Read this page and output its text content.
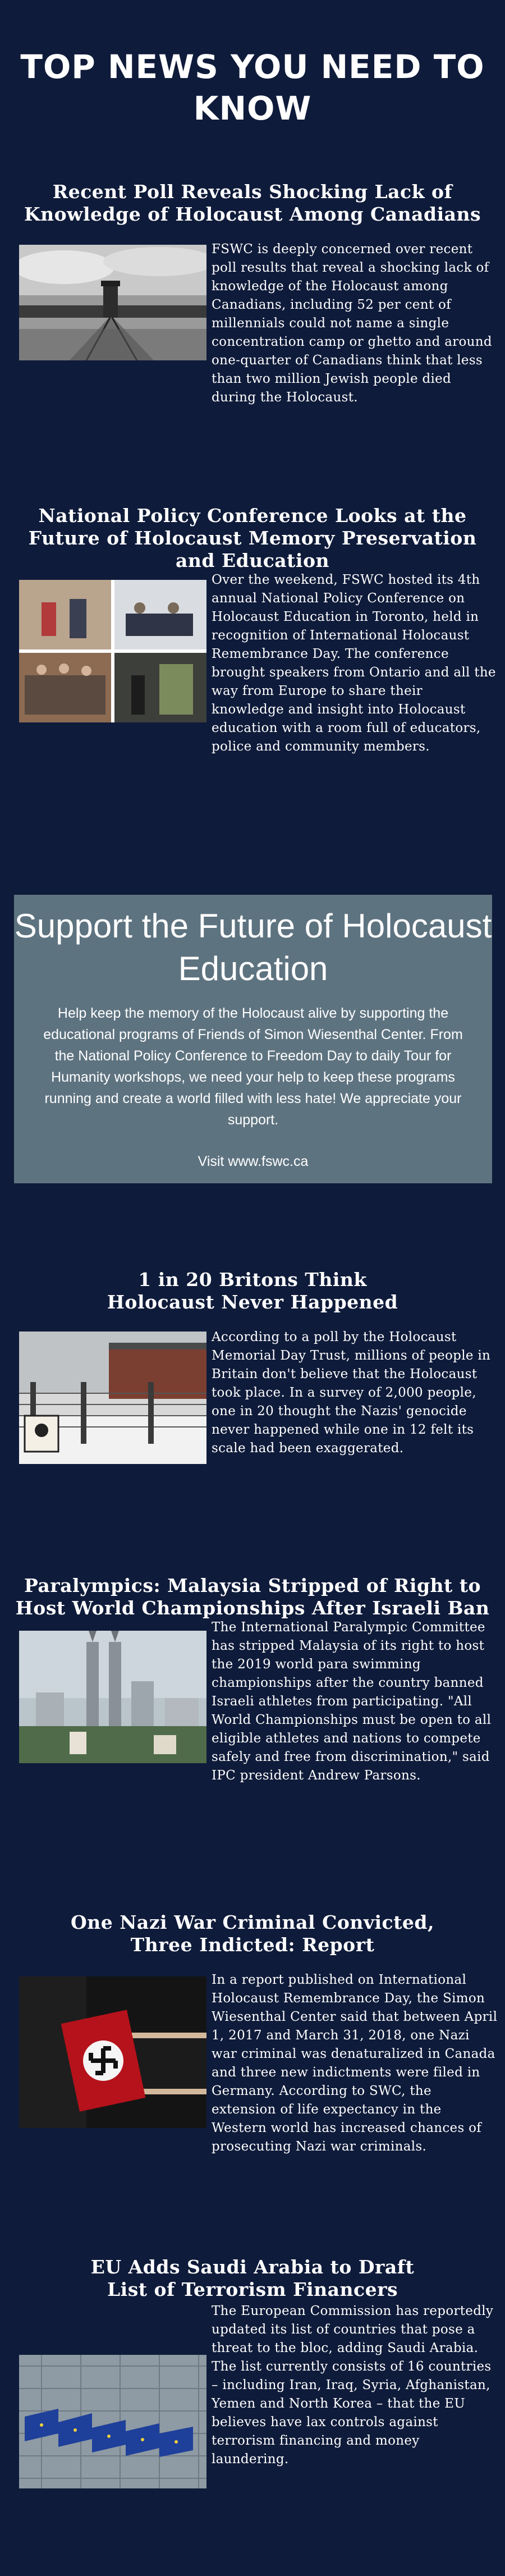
TOP NEWS YOU NEED TO KNOW
Recent Poll Reveals Shocking Lack of Knowledge of Holocaust Among Canadians

FSWC is deeply concerned over recent poll results that reveal a shocking lack of knowledge of the Holocaust among Canadians, including 52 per cent of millennials could not name a single concentration camp or ghetto and around one-quarter of Canadians think that less than two million Jewish people died during the Holocaust.

National Policy Conference Looks at the Future of Holocaust Memory Preservation and Education

Over the weekend, FSWC hosted its 4th annual National Policy Conference on Holocaust Education in Toronto, held in recognition of International Holocaust Remembrance Day. The conference brought speakers from Ontario and all the way from Europe to share their knowledge and insight into Holocaust education with a room full of educators, police and community members.

Support the Future of Holocaust Education
Help keep the memory of the Holocaust alive by supporting the educational programs of Friends of Simon Wiesenthal Center. From the National Policy Conference to Freedom Day to daily Tour for Humanity workshops, we need your help to keep these programs running and create a world filled with less hate! We appreciate your support.
Visit www.fswc.ca
1 in 20 Britons Think Holocaust Never Happened

According to a poll by the Holocaust Memorial Day Trust, millions of people in Britain don't believe that the Holocaust took place. In a survey of 2,000 people, one in 20 thought the Nazis' genocide never happened while one in 12 felt its scale had been exaggerated.

Paralympics: Malaysia Stripped of Right to Host World Championships After Israeli Ban

The International Paralympic Committee has stripped Malaysia of its right to host the 2019 world para swimming championships after the country banned Israeli athletes from participating. "All World Championships must be open to all eligible athletes and nations to compete safely and free from discrimination," said IPC president Andrew Parsons.

One Nazi War Criminal Convicted, Three Indicted: Report

In a report published on International Holocaust Remembrance Day, the Simon Wiesenthal Center said that between April 1, 2017 and March 31, 2018, one Nazi war criminal was denaturalized in Canada and three new indictments were filed in Germany. According to SWC, the extension of life expectancy in the Western world has increased chances of prosecuting Nazi war criminals.

EU Adds Saudi Arabia to Draft List of Terrorism Financers

The European Commission has reportedly updated its list of countries that pose a threat to the bloc, adding Saudi Arabia. The list currently consists of 16 countries – including Iran, Iraq, Syria, Afghanistan, Yemen and North Korea – that the EU believes have lax controls against terrorism financing and money laundering.
